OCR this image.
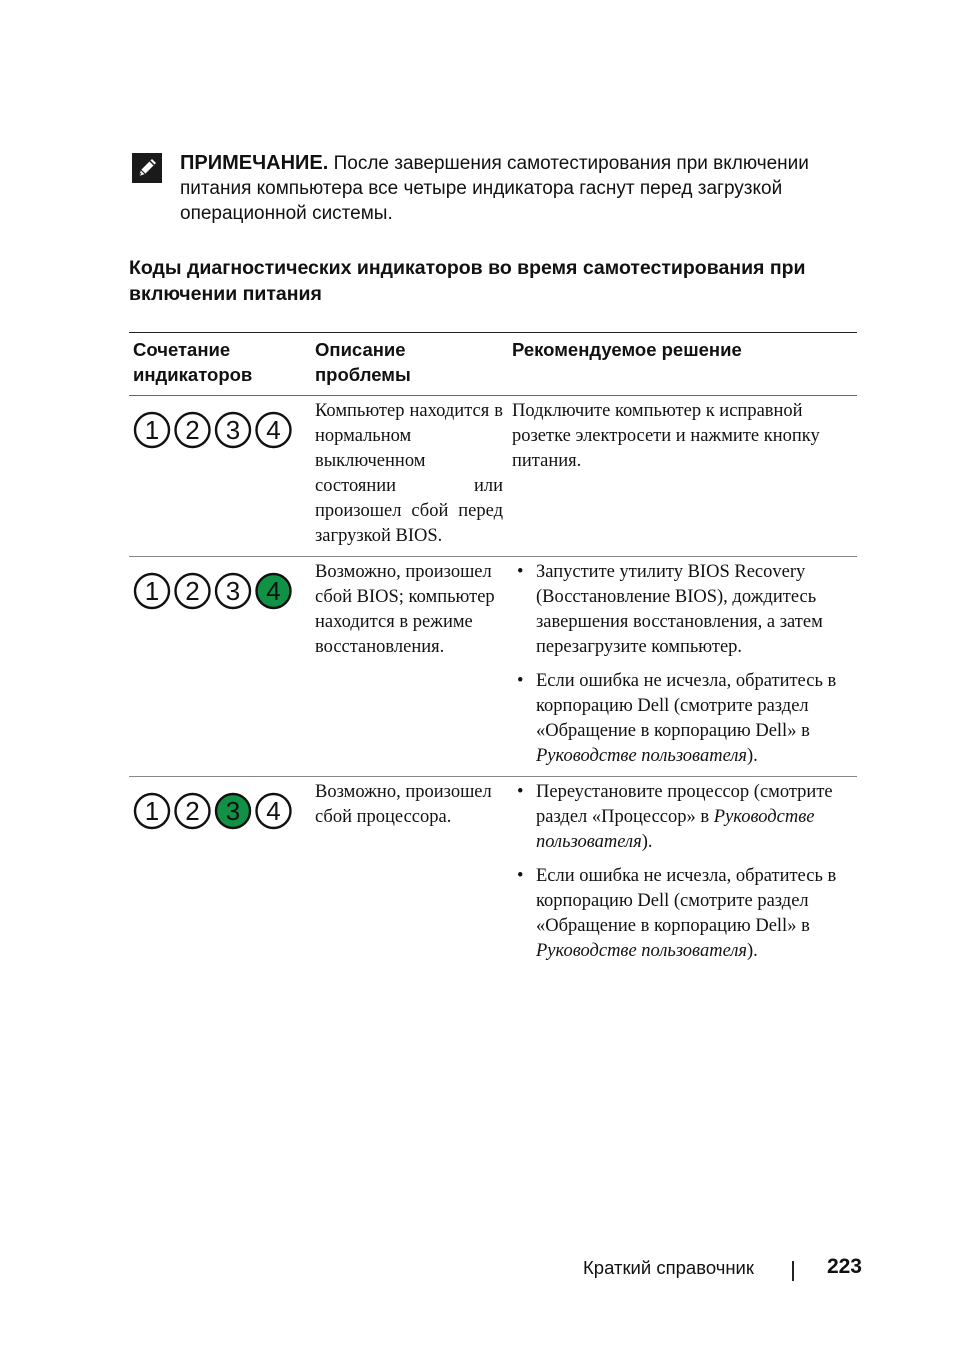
ПРИМЕЧАНИЕ. После завершения самотестирования при включении питания компьютера все четыре индикатора гаснут перед загрузкой операционной системы.
Коды диагностических индикаторов во время самотестирования при включении питания
Сочетание индикаторов
Описание проблемы
Рекомендуемое решение
1 2 3 4
Компьютер находится в нормальном выключенном состоянии или произошел сбой перед загрузкой BIOS.
Подключите компьютер к исправной розетке электросети и нажмите кнопку питания.
1 2 3 4
Возможно, произошел сбой BIOS; компьютер находится в режиме восстановления.
• Запустите утилиту BIOS Recovery (Восстановление BIOS), дождитесь завершения восстановления, а затем перезагрузите компьютер.
• Если ошибка не исчезла, обратитесь в корпорацию Dell (смотрите раздел «Обращение в корпорацию Dell» в Руководстве пользователя).
1 2 3 4
Возможно, произошел сбой процессора.
• Переустановите процессор (смотрите раздел «Процессор» в Руководстве пользователя).
• Если ошибка не исчезла, обратитесь в корпорацию Dell (смотрите раздел «Обращение в корпорацию Dell» в Руководстве пользователя).
Краткий справочник	223
